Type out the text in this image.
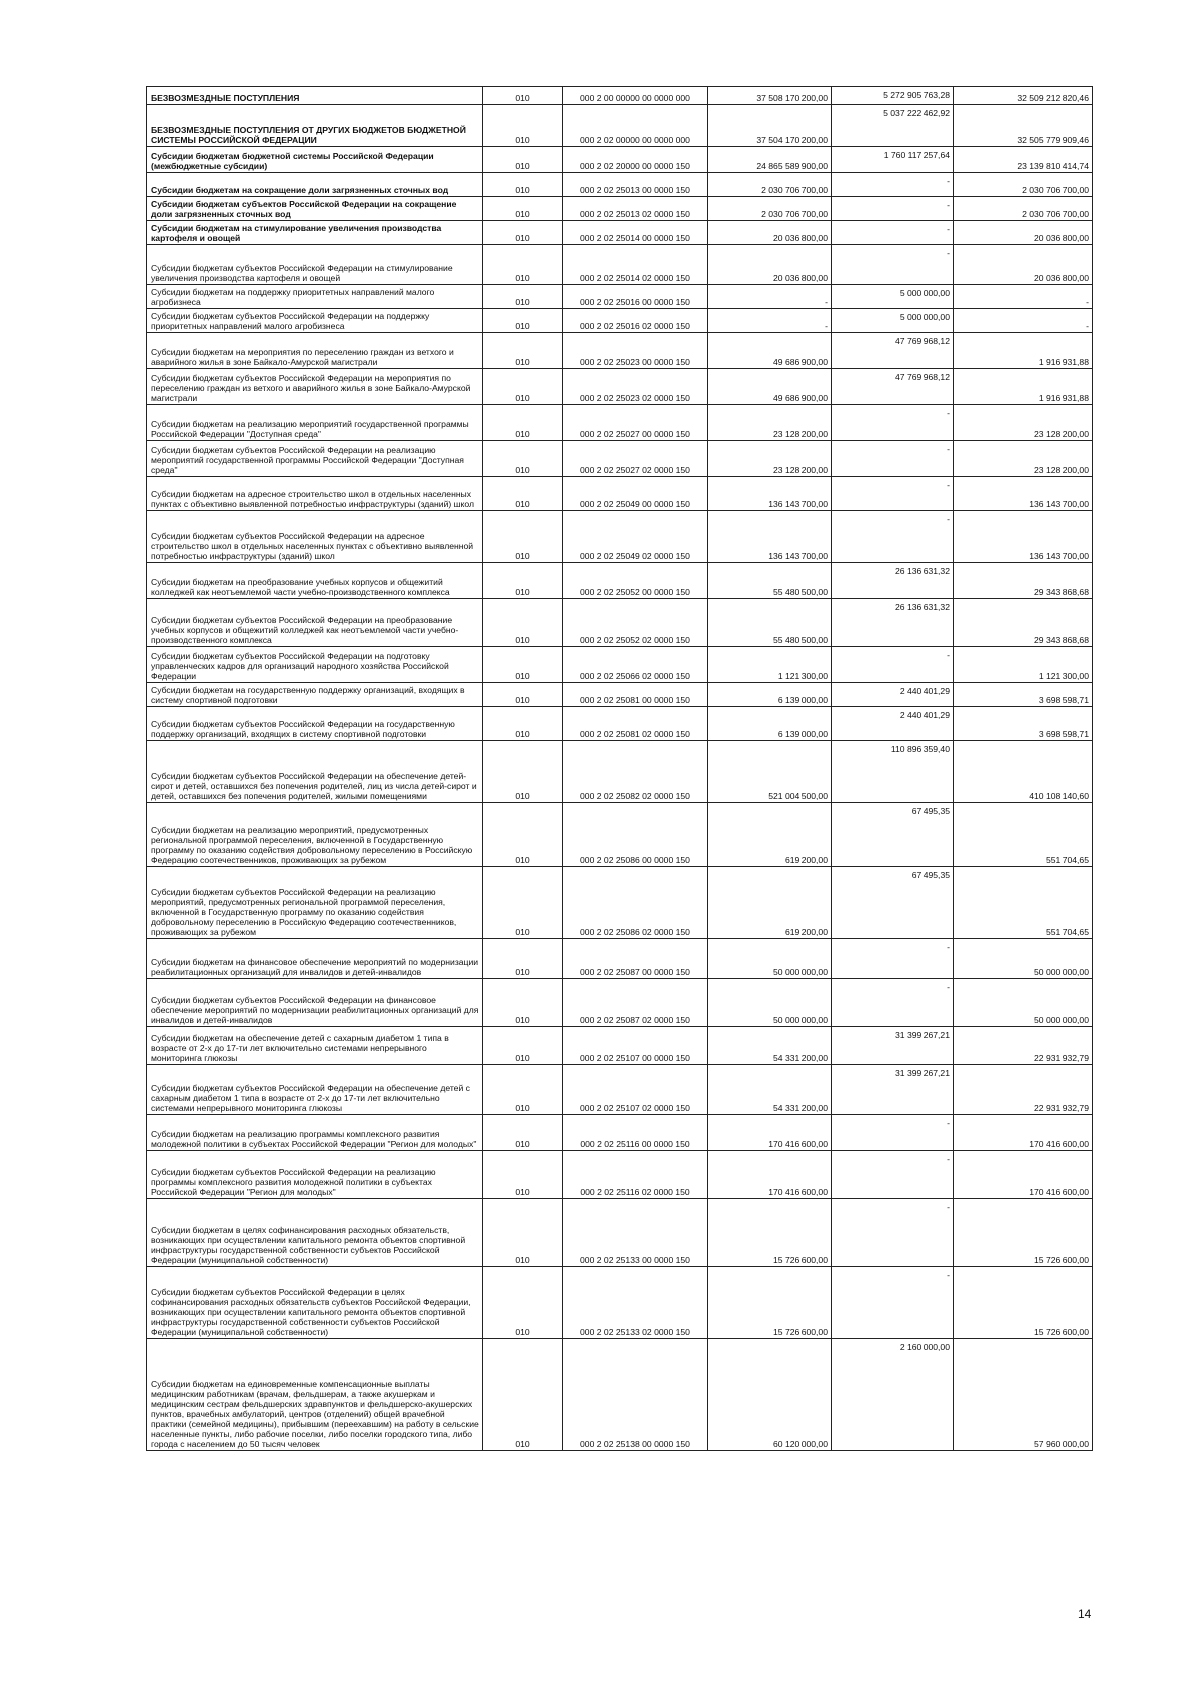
БЕЗВОЗМЕЗДНЫЕ ПОСТУПЛЕНИЯ	010	000 2 00 00000 00 0000 000	37 508 170 200,00	5 272 905 763,28	32 509 212 820,46
БЕЗВОЗМЕЗДНЫЕ ПОСТУПЛЕНИЯ ОТ ДРУГИХ БЮДЖЕТОВ БЮДЖЕТНОЙ СИСТЕМЫ РОССИЙСКОЙ ФЕДЕРАЦИИ	010	000 2 02 00000 00 0000 000	37 504 170 200,00	5 037 222 462,92	32 505 779 909,46
Субсидии бюджетам бюджетной системы Российской Федерации (межбюджетные субсидии)	010	000 2 02 20000 00 0000 150	24 865 589 900,00	1 760 117 257,64	23 139 810 414,74
Субсидии бюджетам на сокращение доли загрязненных сточных вод	010	000 2 02 25013 00 0000 150	2 030 706 700,00	-	2 030 706 700,00
Субсидии бюджетам субъектов Российской Федерации на сокращение доли загрязненных сточных вод	010	000 2 02 25013 02 0000 150	2 030 706 700,00	-	2 030 706 700,00
Субсидии бюджетам на стимулирование увеличения производства картофеля и овощей	010	000 2 02 25014 00 0000 150	20 036 800,00	-	20 036 800,00
Субсидии бюджетам субъектов Российской Федерации на стимулирование увеличения производства картофеля и овощей	010	000 2 02 25014 02 0000 150	20 036 800,00	-	20 036 800,00
Субсидии бюджетам на поддержку приоритетных направлений малого агробизнеса	010	000 2 02 25016 00 0000 150	-	5 000 000,00	-
Субсидии бюджетам субъектов Российской Федерации на поддержку приоритетных направлений малого агробизнеса	010	000 2 02 25016 02 0000 150	-	5 000 000,00	-
Субсидии бюджетам на мероприятия по переселению граждан из ветхого и аварийного жилья в зоне Байкало-Амурской магистрали	010	000 2 02 25023 00 0000 150	49 686 900,00	47 769 968,12	1 916 931,88
Субсидии бюджетам субъектов Российской Федерации на мероприятия по переселению граждан из ветхого и аварийного жилья в зоне Байкало-Амурской магистрали	010	000 2 02 25023 02 0000 150	49 686 900,00	47 769 968,12	1 916 931,88
Субсидии бюджетам на реализацию мероприятий государственной программы Российской Федерации "Доступная среда"	010	000 2 02 25027 00 0000 150	23 128 200,00	-	23 128 200,00
Субсидии бюджетам субъектов Российской Федерации на реализацию мероприятий государственной программы Российской Федерации "Доступная среда"	010	000 2 02 25027 02 0000 150	23 128 200,00	-	23 128 200,00
Субсидии бюджетам на адресное строительство школ в отдельных населенных пунктах с объективно выявленной потребностью инфраструктуры (зданий) школ	010	000 2 02 25049 00 0000 150	136 143 700,00	-	136 143 700,00
Субсидии бюджетам субъектов Российской Федерации на адресное строительство школ в отдельных населенных пунктах с объективно выявленной потребностью инфраструктуры (зданий) школ	010	000 2 02 25049 02 0000 150	136 143 700,00	-	136 143 700,00
Субсидии бюджетам на преобразование учебных корпусов и общежитий колледжей как неотъемлемой части учебно-производственного комплекса	010	000 2 02 25052 00 0000 150	55 480 500,00	26 136 631,32	29 343 868,68
Субсидии бюджетам субъектов Российской Федерации на преобразование учебных корпусов и общежитий колледжей как неотъемлемой части учебно-производственного комплекса	010	000 2 02 25052 02 0000 150	55 480 500,00	26 136 631,32	29 343 868,68
Субсидии бюджетам субъектов Российской Федерации на подготовку управленческих кадров для организаций народного хозяйства Российской Федерации	010	000 2 02 25066 02 0000 150	1 121 300,00	-	1 121 300,00
Субсидии бюджетам на государственную поддержку организаций, входящих в систему спортивной подготовки	010	000 2 02 25081 00 0000 150	6 139 000,00	2 440 401,29	3 698 598,71
Субсидии бюджетам субъектов Российской Федерации на государственную поддержку организаций, входящих в систему спортивной подготовки	010	000 2 02 25081 02 0000 150	6 139 000,00	2 440 401,29	3 698 598,71
Субсидии бюджетам субъектов Российской Федерации на обеспечение детей-сирот и детей, оставшихся без попечения родителей, лиц из числа детей-сирот и детей, оставшихся без попечения родителей, жилыми помещениями	010	000 2 02 25082 02 0000 150	521 004 500,00	110 896 359,40	410 108 140,60
Субсидии бюджетам на реализацию мероприятий, предусмотренных региональной программой переселения, включенной в Государственную программу по оказанию содействия добровольному переселению в Российскую Федерацию соотечественников, проживающих за рубежом	010	000 2 02 25086 00 0000 150	619 200,00	67 495,35	551 704,65
Субсидии бюджетам субъектов Российской Федерации на реализацию мероприятий, предусмотренных региональной программой переселения, включенной в Государственную программу по оказанию содействия добровольному переселению в Российскую Федерацию соотечественников, проживающих за рубежом	010	000 2 02 25086 02 0000 150	619 200,00	67 495,35	551 704,65
Субсидии бюджетам на финансовое обеспечение мероприятий по модернизации реабилитационных организаций для инвалидов и детей-инвалидов	010	000 2 02 25087 00 0000 150	50 000 000,00	-	50 000 000,00
Субсидии бюджетам субъектов Российской Федерации на финансовое обеспечение мероприятий по модернизации реабилитационных организаций для инвалидов и детей-инвалидов	010	000 2 02 25087 02 0000 150	50 000 000,00	-	50 000 000,00
Субсидии бюджетам на обеспечение детей с сахарным диабетом 1 типа в возрасте от 2-х до 17-ти лет включительно системами непрерывного мониторинга глюкозы	010	000 2 02 25107 00 0000 150	54 331 200,00	31 399 267,21	22 931 932,79
Субсидии бюджетам субъектов Российской Федерации на обеспечение детей с сахарным диабетом 1 типа в возрасте от 2-х до 17-ти лет включительно системами непрерывного мониторинга глюкозы	010	000 2 02 25107 02 0000 150	54 331 200,00	31 399 267,21	22 931 932,79
Субсидии бюджетам на реализацию программы комплексного развития молодежной политики в субъектах Российской Федерации "Регион для молодых"	010	000 2 02 25116 00 0000 150	170 416 600,00	-	170 416 600,00
Субсидии бюджетам субъектов Российской Федерации на реализацию программы комплексного развития молодежной политики в субъектах Российской Федерации "Регион для молодых"	010	000 2 02 25116 02 0000 150	170 416 600,00	-	170 416 600,00
Субсидии бюджетам в целях софинансирования расходных обязательств, возникающих при осуществлении капитального ремонта объектов спортивной инфраструктуры государственной собственности субъектов Российской Федерации (муниципальной собственности)	010	000 2 02 25133 00 0000 150	15 726 600,00	-	15 726 600,00
Субсидии бюджетам субъектов Российской Федерации в целях софинансирования расходных обязательств субъектов Российской Федерации, возникающих при осуществлении капитального ремонта объектов спортивной инфраструктуры государственной собственности субъектов Российской Федерации (муниципальной собственности)	010	000 2 02 25133 02 0000 150	15 726 600,00	-	15 726 600,00
Субсидии бюджетам на единовременные компенсационные выплаты медицинским работникам (врачам, фельдшерам, а также акушеркам и медицинским сестрам фельдшерских здравпунктов и фельдшерско-акушерских пунктов, врачебных амбулаторий, центров (отделений) общей врачебной практики (семейной медицины), прибывшим (переехавшим) на работу в сельские населенные пункты, либо рабочие поселки, либо поселки городского типа, либо города с населением до 50 тысяч человек	010	000 2 02 25138 00 0000 150	60 120 000,00	2 160 000,00	57 960 000,00
14
